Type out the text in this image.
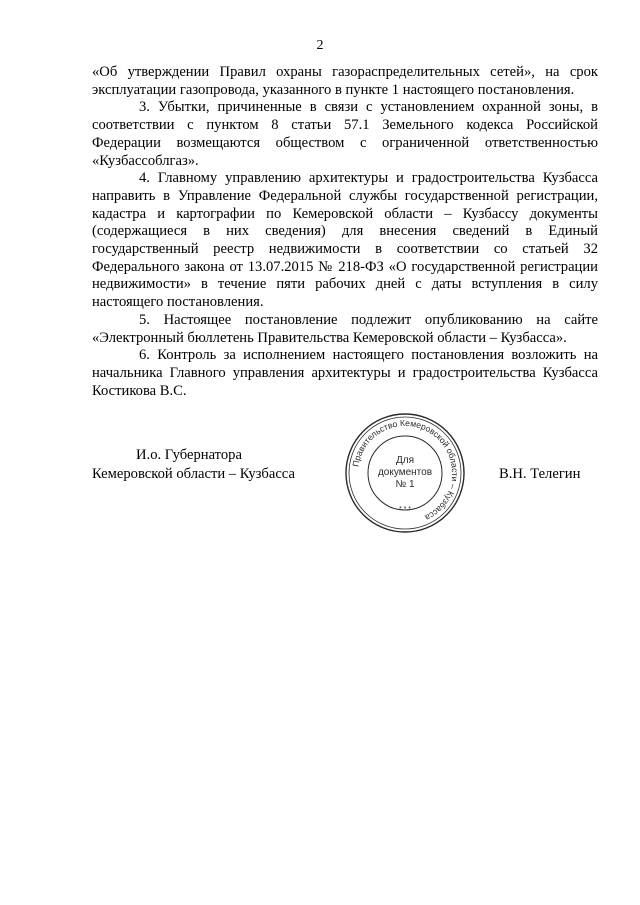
2

«Об утверждении Правил охраны газораспределительных сетей», на срок эксплуатации газопровода, указанного в пункте 1 настоящего постановления.

3. Убытки, причиненные в связи с установлением охранной зоны, в соответствии с пунктом 8 статьи 57.1 Земельного кодекса Российской Федерации возмещаются обществом с ограниченной ответственностью «Кузбассоблгаз».

4. Главному управлению архитектуры и градостроительства Кузбасса направить в Управление Федеральной службы государственной регистрации, кадастра и картографии по Кемеровской области – Кузбассу документы (содержащиеся в них сведения) для внесения сведений в Единый государственный реестр недвижимости в соответствии со статьей 32 Федерального закона от 13.07.2015 № 218-ФЗ «О государственной регистрации недвижимости» в течение пяти рабочих дней с даты вступления в силу настоящего постановления.

5. Настоящее постановление подлежит опубликованию на сайте «Электронный бюллетень Правительства Кемеровской области – Кузбасса».

6. Контроль за исполнением настоящего постановления возложить на начальника Главного управления архитектуры и градостроительства Кузбасса Костикова В.С.

И.о. Губернатора
Кемеровской области – Кузбасса	В.Н. Телегин
Правительство Кемеровской области – Кузбасса
* * *
Для
документов
№ 1
